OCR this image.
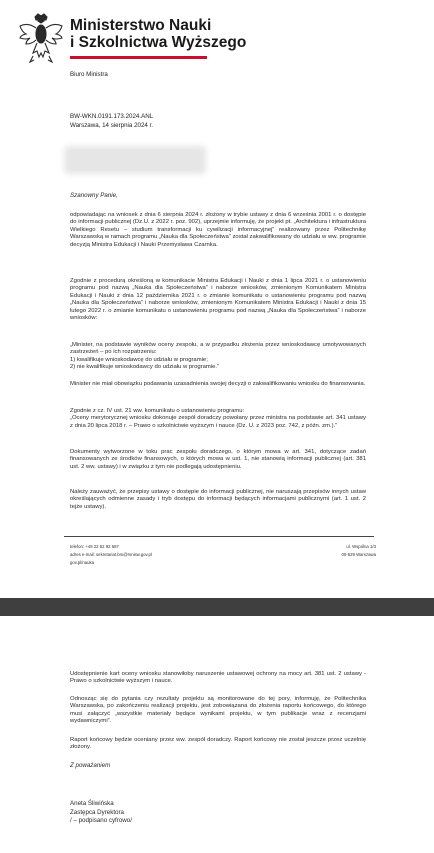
Ministerstwo Nauki
i Szkolnictwa Wyższego
Biuro Ministra
BW-WKN.0191.173.2024.ANL
Warszawa, 14 sierpnia 2024 r.
Szanowny Panie,

odpowiadając na wniosek z dnia 6 sierpnia 2024 r. złożony w trybie ustawy z dnia 6 września 2001 r. o dostępie do informacji publicznej (Dz.U. z 2022 r. poz. 902), uprzejmie informuję, że projekt pt. „Architektura i infrastruktura Wielkiego Resetu – studium transformacji ku cywilizacji informacyjnej” realizowany przez Politechnikę Warszawską w ramach programu „Nauka dla Społeczeństwa” został zakwalifikowany do udziału w ww. programie decyzją Ministra Edukacji i Nauki Przemysława Czarnka.

Zgodnie z procedurą określoną w komunikacie Ministra Edukacji i Nauki z dnia 1 lipca 2021 r. o ustanowieniu programu pod nazwą „Nauka dla Społeczeństwa” i naborze wniosków, zmienionym Komunikatem Ministra Edukacji i Nauki z dnia 12 października 2021 r. o zmianie komunikatu o ustanowieniu programu pod nazwą „Nauka dla Społeczeństwa” i naborze wniosków, zmienionym Komunikatem Ministra Edukacji i Nauki z dnia 15 lutego 2022 r. o zmianie komunikatu o ustanowieniu programu pod nazwą „Nauka dla Społeczeństwa” i naborze wniosków:

„Minister, na podstawie wyników oceny zespołu, a w przypadku złożenia przez wnioskodawcę umotywowanych zastrzeżeń – po ich rozpatrzeniu:

1) kwalifikuje wnioskodawcę do udziału w programie;

2) nie kwalifikuje wnioskodawcy do udziału w programie.”

Minister nie miał obowiązku podawania uzasadnienia swojej decyzji o zakwalifikowaniu wniosku do finansowania.

Zgodnie z cz. IV ust. 21 ww. komunikatu o ustanowieniu programu:

„Oceny merytorycznej wniosku dokonuje zespół doradczy powołany przez ministra na podstawie art. 341 ustawy z dnia 20 lipca 2018 r. – Prawo o szkolnictwie wyższym i nauce (Dz. U. z 2023 poz. 742, z późn. zm.).”

Dokumenty wytworzone w toku prac zespołu doradczego, o którym mowa w art. 341, dotyczące zadań finansowanych ze środków finansowych, o których mowa w ust. 1, nie stanowią informacji publicznej (art. 381 ust. 2 ww. ustawy) i w związku z tym nie podlegają udostępnieniu.

Należy zauważyć, że przepisy ustawy o dostępie do informacji publicznej, nie naruszają przepisów innych ustaw określających odmienne zasady i tryb dostępu do informacji będących informacjami publicznymi (art. 1 ust. 2 tejże ustawy).

telefon: +48 22 52 92 687
adres e-mail: sekretariat.bm@mnisw.gov.pl
gov.pl/nauka
ul. Wspólna 1/3
00-529 Warszawa

Udostępnienie kart oceny wniosku stanowiłoby naruszenie ustawowej ochrony na mocy art. 381 ust. 2 ustawy - Prawo o szkolnictwie wyższym i nauce.

Odnosząc się do pytania czy rezultaty projektu są monitorowane do tej pory, informuję, że Politechnika Warszawska, po zakończeniu realizacji projektu, jest zobowiązana do złożenia raportu końcowego, do którego musi załączyć „wszystkie materiały będące wynikami projektu, w tym publikacje wraz z recenzjami wydawniczymi”.

Raport końcowy będzie oceniany przez ww. zespół doradczy. Raport końcowy nie został jeszcze przez uczelnię złożony.

Z poważaniem
Aneta Śliwińska
Zastępca Dyrektora
/ – podpisano cyfrowo/
